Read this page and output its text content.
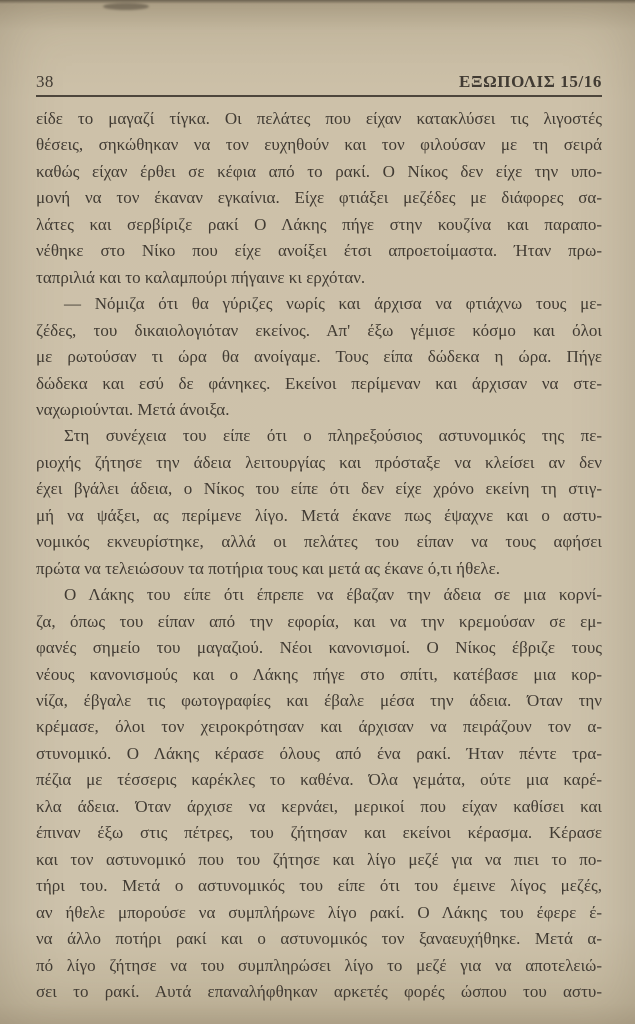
38	ΕΞΩΠΟΛΙΣ 15/16
είδε το μαγαζί τίγκα. Οι πελάτες που είχαν κατακλύσει τις λιγοστές
θέσεις, σηκώθηκαν να τον ευχηθούν και τον φιλούσαν με τη σειρά
καθώς είχαν έρθει σε κέφια από το ρακί. Ο Νίκος δεν είχε την υπο-
μονή να τον έκαναν εγκαίνια. Είχε φτιάξει μεζέδες με διάφορες σα-
λάτες και σερβίριζε ρακί Ο Λάκης πήγε στην κουζίνα και παραπο-
νέθηκε στο Νίκο που είχε ανοίξει έτσι απροετοίμαστα. Ήταν πρω-
ταπριλιά και το καλαμπούρι πήγαινε κι ερχόταν.
— Νόμιζα ότι θα γύριζες νωρίς και άρχισα να φτιάχνω τους με-
ζέδες, του δικαιολογιόταν εκείνος. Απ' έξω γέμισε κόσμο και όλοι
με ρωτούσαν τι ώρα θα ανοίγαμε. Τους είπα δώδεκα η ώρα. Πήγε
δώδεκα και εσύ δε φάνηκες. Εκείνοι περίμεναν και άρχισαν να στε-
ναχωριούνται. Μετά άνοιξα.
Στη συνέχεια του είπε ότι ο πληρεξούσιος αστυνομικός της πε-
ριοχής ζήτησε την άδεια λειτουργίας και πρόσταξε να κλείσει αν δεν
έχει βγάλει άδεια, ο Νίκος του είπε ότι δεν είχε χρόνο εκείνη τη στιγ-
μή να ψάξει, ας περίμενε λίγο. Μετά έκανε πως έψαχνε και ο αστυ-
νομικός εκνευρίστηκε, αλλά οι πελάτες του είπαν να τους αφήσει
πρώτα να τελειώσουν τα ποτήρια τους και μετά ας έκανε ό,τι ήθελε.
Ο Λάκης του είπε ότι έπρεπε να έβαζαν την άδεια σε μια κορνί-
ζα, όπως του είπαν από την εφορία, και να την κρεμούσαν σε εμ-
φανές σημείο του μαγαζιού. Νέοι κανονισμοί. Ο Νίκος έβριζε τους
νέους κανονισμούς και ο Λάκης πήγε στο σπίτι, κατέβασε μια κορ-
νίζα, έβγαλε τις φωτογραφίες και έβαλε μέσα την άδεια. Όταν την
κρέμασε, όλοι τον χειροκρότησαν και άρχισαν να πειράζουν τον α-
στυνομικό. Ο Λάκης κέρασε όλους από ένα ρακί. Ήταν πέντε τρα-
πέζια με τέσσερις καρέκλες το καθένα. Όλα γεμάτα, ούτε μια καρέ-
κλα άδεια. Όταν άρχισε να κερνάει, μερικοί που είχαν καθίσει και
έπιναν έξω στις πέτρες, του ζήτησαν και εκείνοι κέρασμα. Κέρασε
και τον αστυνομικό που του ζήτησε και λίγο μεζέ για να πιει το πο-
τήρι του. Μετά ο αστυνομικός του είπε ότι του έμεινε λίγος μεζές,
αν ήθελε μπορούσε να συμπλήρωνε λίγο ρακί. Ο Λάκης του έφερε έ-
να άλλο ποτήρι ρακί και ο αστυνομικός τον ξαναευχήθηκε. Μετά α-
πό λίγο ζήτησε να του συμπληρώσει λίγο το μεζέ για να αποτελειώ-
σει το ρακί. Αυτά επαναλήφθηκαν αρκετές φορές ώσπου του αστυ-
